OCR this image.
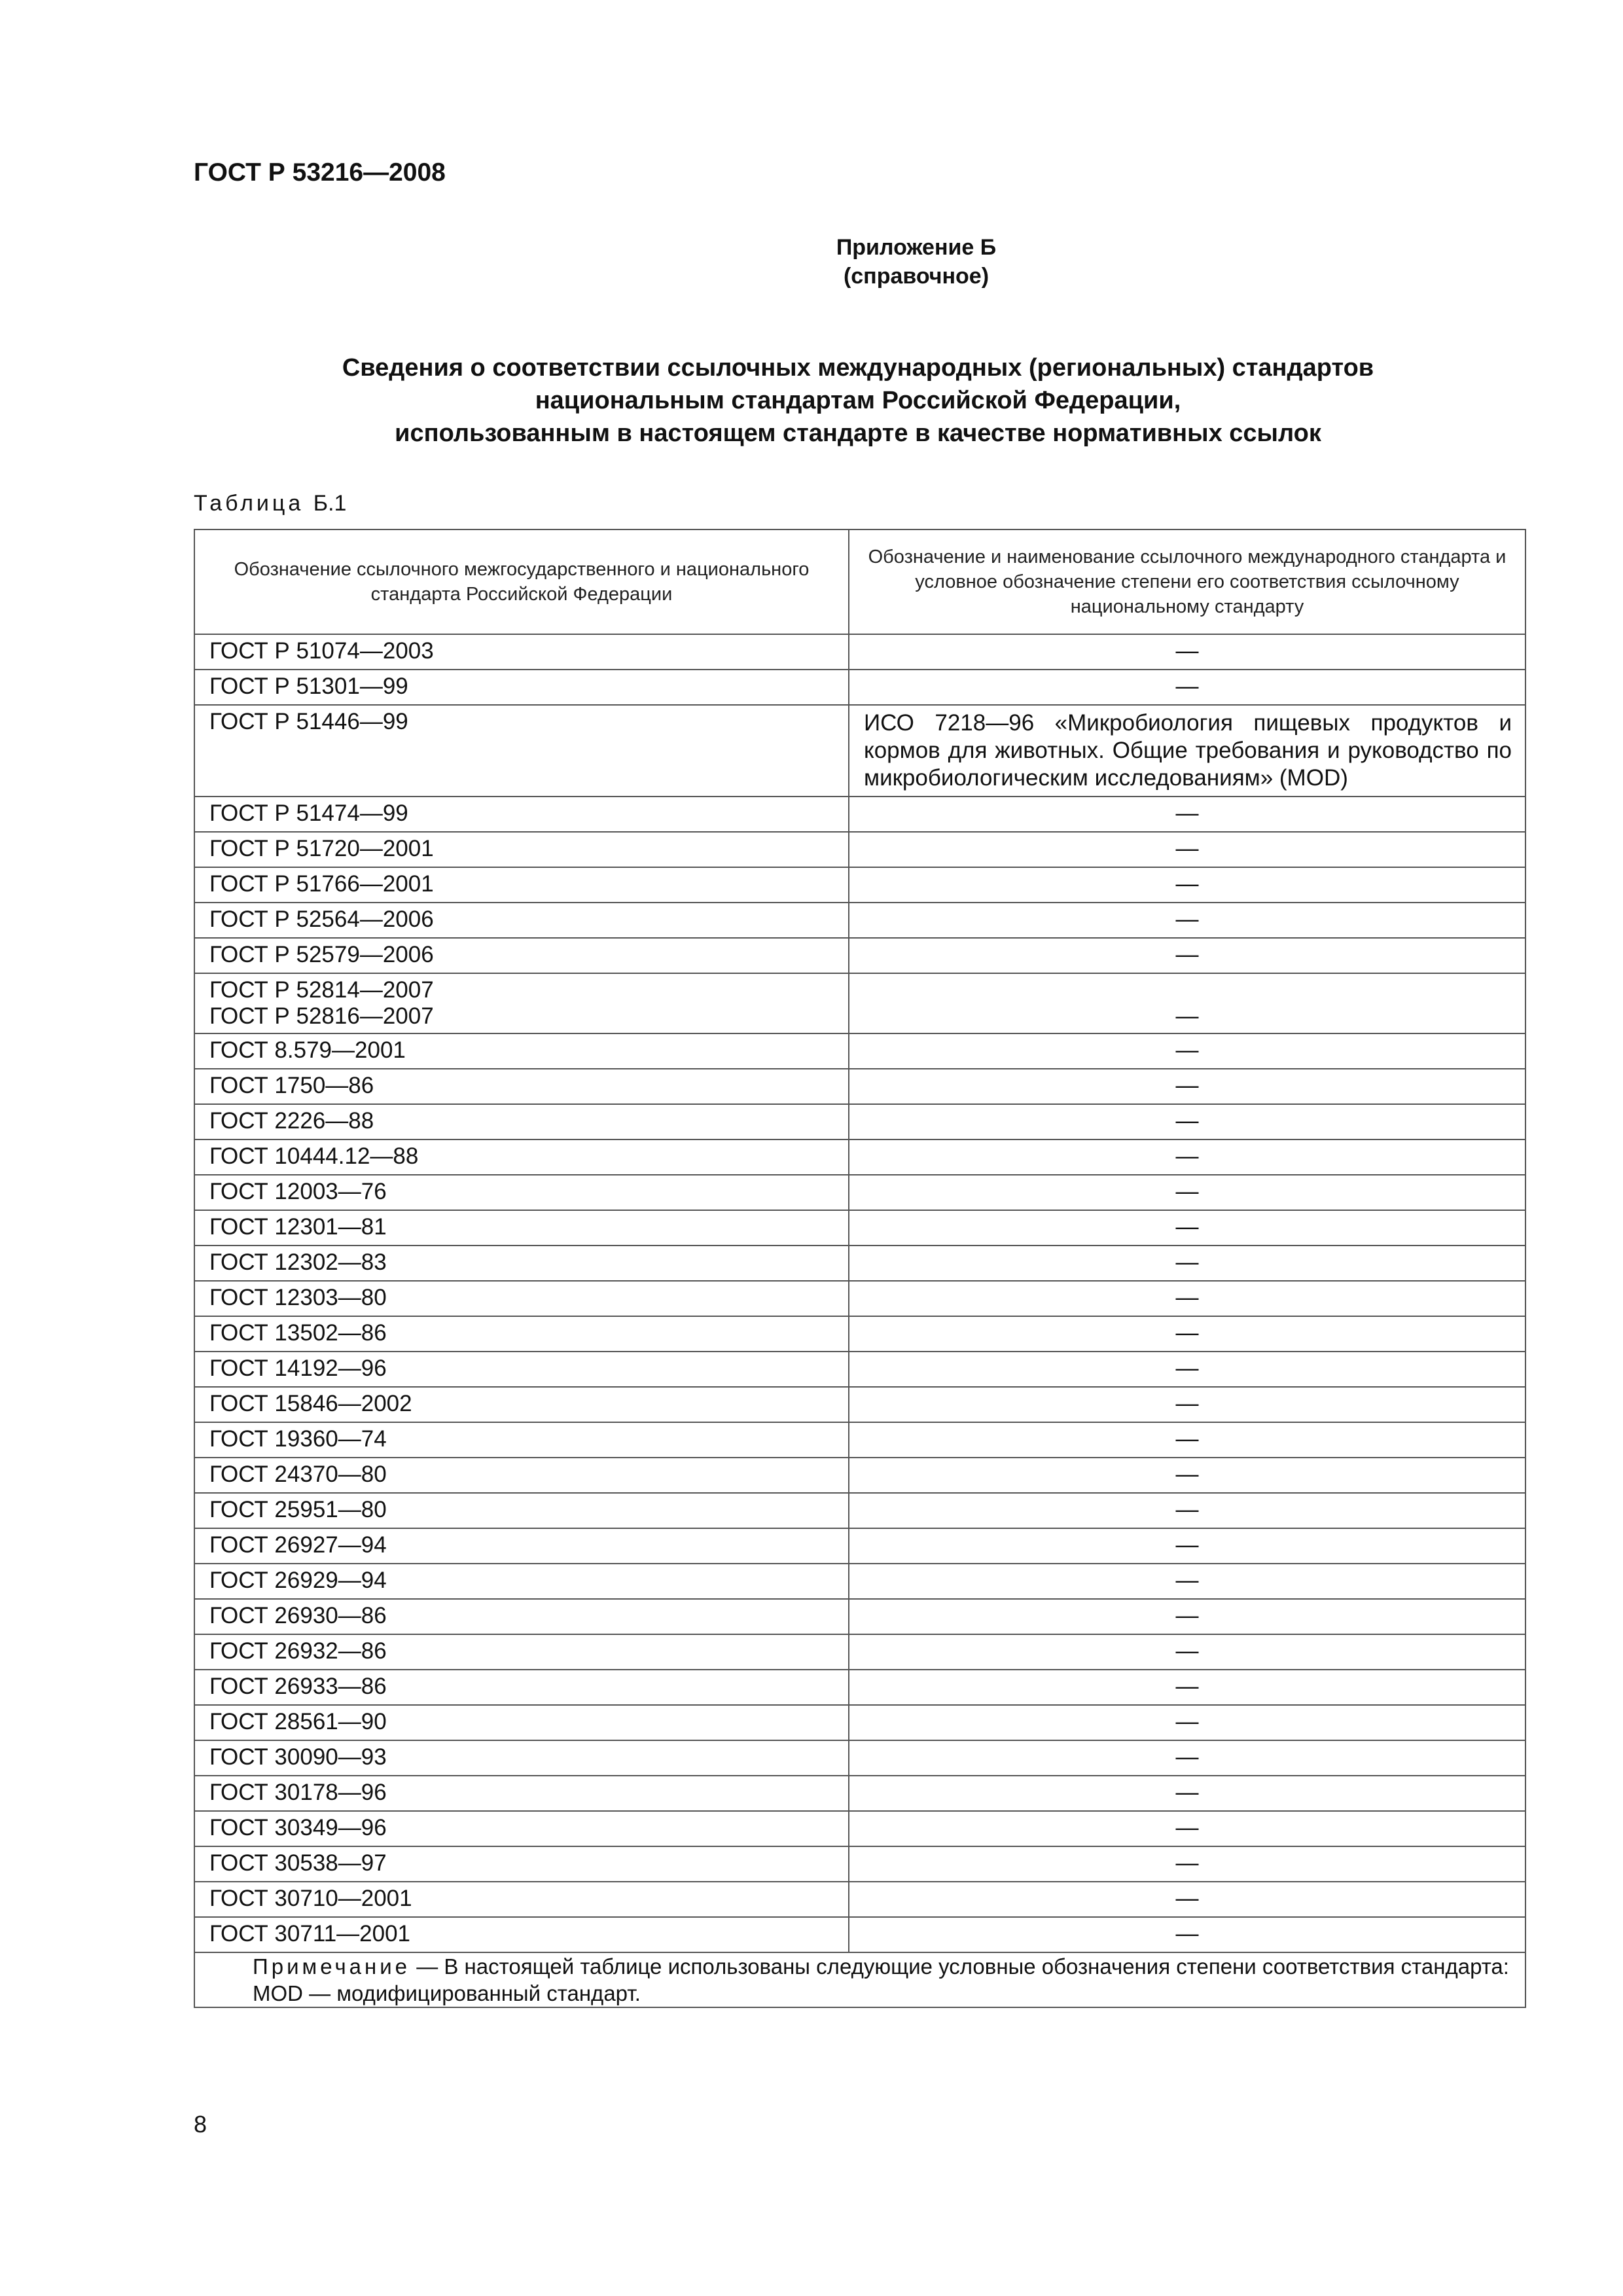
ГОСТ Р 53216—2008
Приложение Б
(справочное)
Сведения о соответствии ссылочных международных (региональных) стандартов
национальным стандартам Российской Федерации,
использованным в настоящем стандарте в качестве нормативных ссылок
Таблица Б.1
Обозначение ссылочного межгосударственного и национального стандарта Российской Федерации	Обозначение и наименование ссылочного международного стандарта и условное обозначение степени его соответствия ссылочному национальному стандарту

ГОСТ Р 51074—2003	—

ГОСТ Р 51301—99	—

ГОСТ Р 51446—99	ИСО 7218—96 «Микробиология пищевых продуктов и кормов для животных. Общие требования и руководство по микробиологическим исследованиям» (MOD)

ГОСТ Р 51474—99	—

ГОСТ Р 51720—2001	—

ГОСТ Р 51766—2001	—

ГОСТ Р 52564—2006	—

ГОСТ Р 52579—2006	—

ГОСТ Р 52814—2007
ГОСТ Р 52816—2007	—

ГОСТ 8.579—2001	—

ГОСТ 1750—86	—

ГОСТ 2226—88	—

ГОСТ 10444.12—88	—

ГОСТ 12003—76	—

ГОСТ 12301—81	—

ГОСТ 12302—83	—

ГОСТ 12303—80	—

ГОСТ 13502—86	—

ГОСТ 14192—96	—

ГОСТ 15846—2002	—

ГОСТ 19360—74	—

ГОСТ 24370—80	—

ГОСТ 25951—80	—

ГОСТ 26927—94	—

ГОСТ 26929—94	—

ГОСТ 26930—86	—

ГОСТ 26932—86	—

ГОСТ 26933—86	—

ГОСТ 28561—90	—

ГОСТ 30090—93	—

ГОСТ 30178—96	—

ГОСТ 30349—96	—

ГОСТ 30538—97	—

ГОСТ 30710—2001	—

ГОСТ 30711—2001	—

Примечание — В настоящей таблице использованы следующие условные обозначения степени соответствия стандарта:
MOD — модифицированный стандарт.	
8
